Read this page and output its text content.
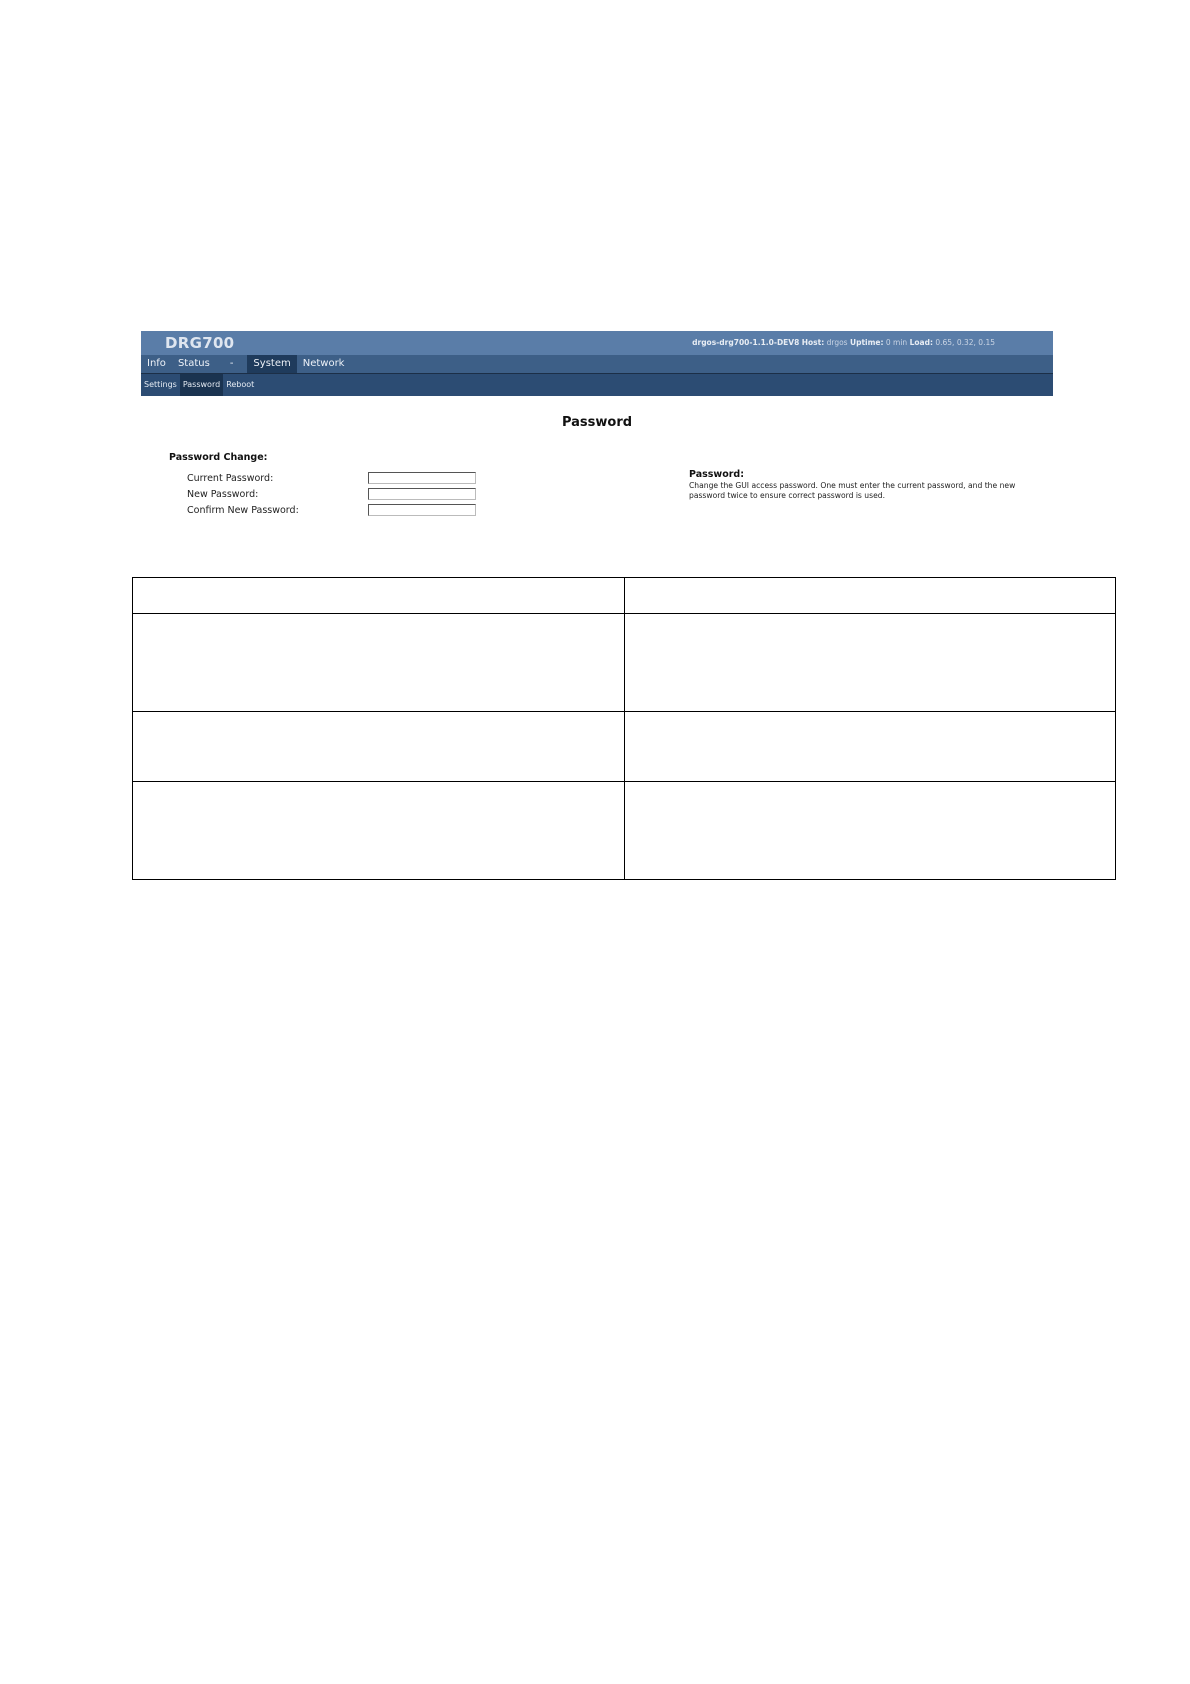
DRG700	drgos-drg700-1.1.0-DEV8 Host: drgos Uptime: 0 min Load: 0.65, 0.32, 0.15
Info	Status	-	System	Network
Settings Password Reboot
Password
Password Change:
Current Password:
New Password:
Confirm New Password:
Password:
Change the GUI access password. One must enter the current password, and the new password twice to ensure correct password is used.
